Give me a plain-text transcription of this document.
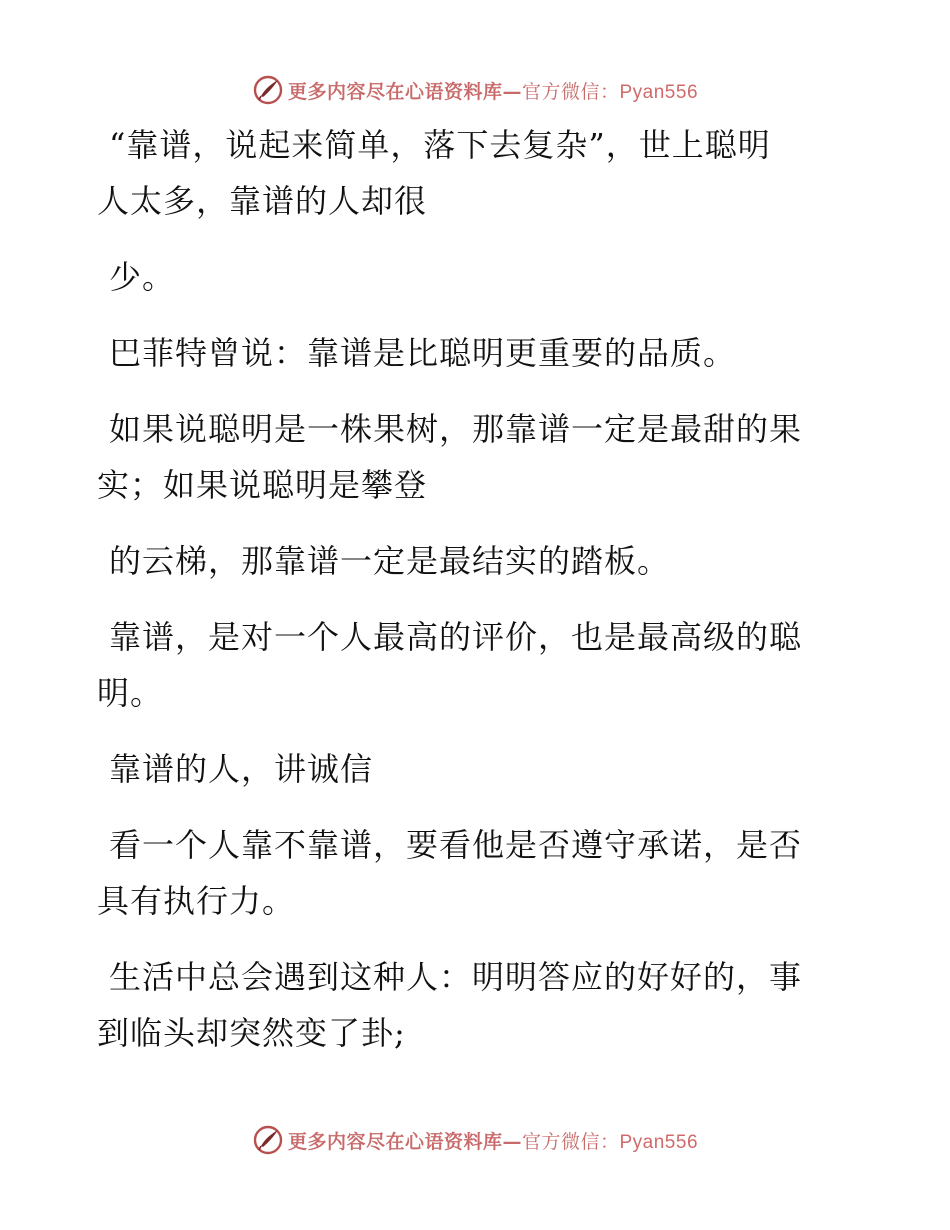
更多内容尽在心语资料库—官方微信：Pyan556

“靠谱，说起来简单，落下去复杂”，世上聪明
人太多，靠谱的人却很

少。

巴菲特曾说：靠谱是比聪明更重要的品质。

如果说聪明是一株果树，那靠谱一定是最甜的果
实；如果说聪明是攀登

的云梯，那靠谱一定是最结实的踏板。

靠谱，是对一个人最高的评价，也是最高级的聪
明。

靠谱的人，讲诚信

看一个人靠不靠谱，要看他是否遵守承诺，是否
具有执行力。

生活中总会遇到这种人：明明答应的好好的，事
到临头却突然变了卦;

更多内容尽在心语资料库—官方微信：Pyan556
